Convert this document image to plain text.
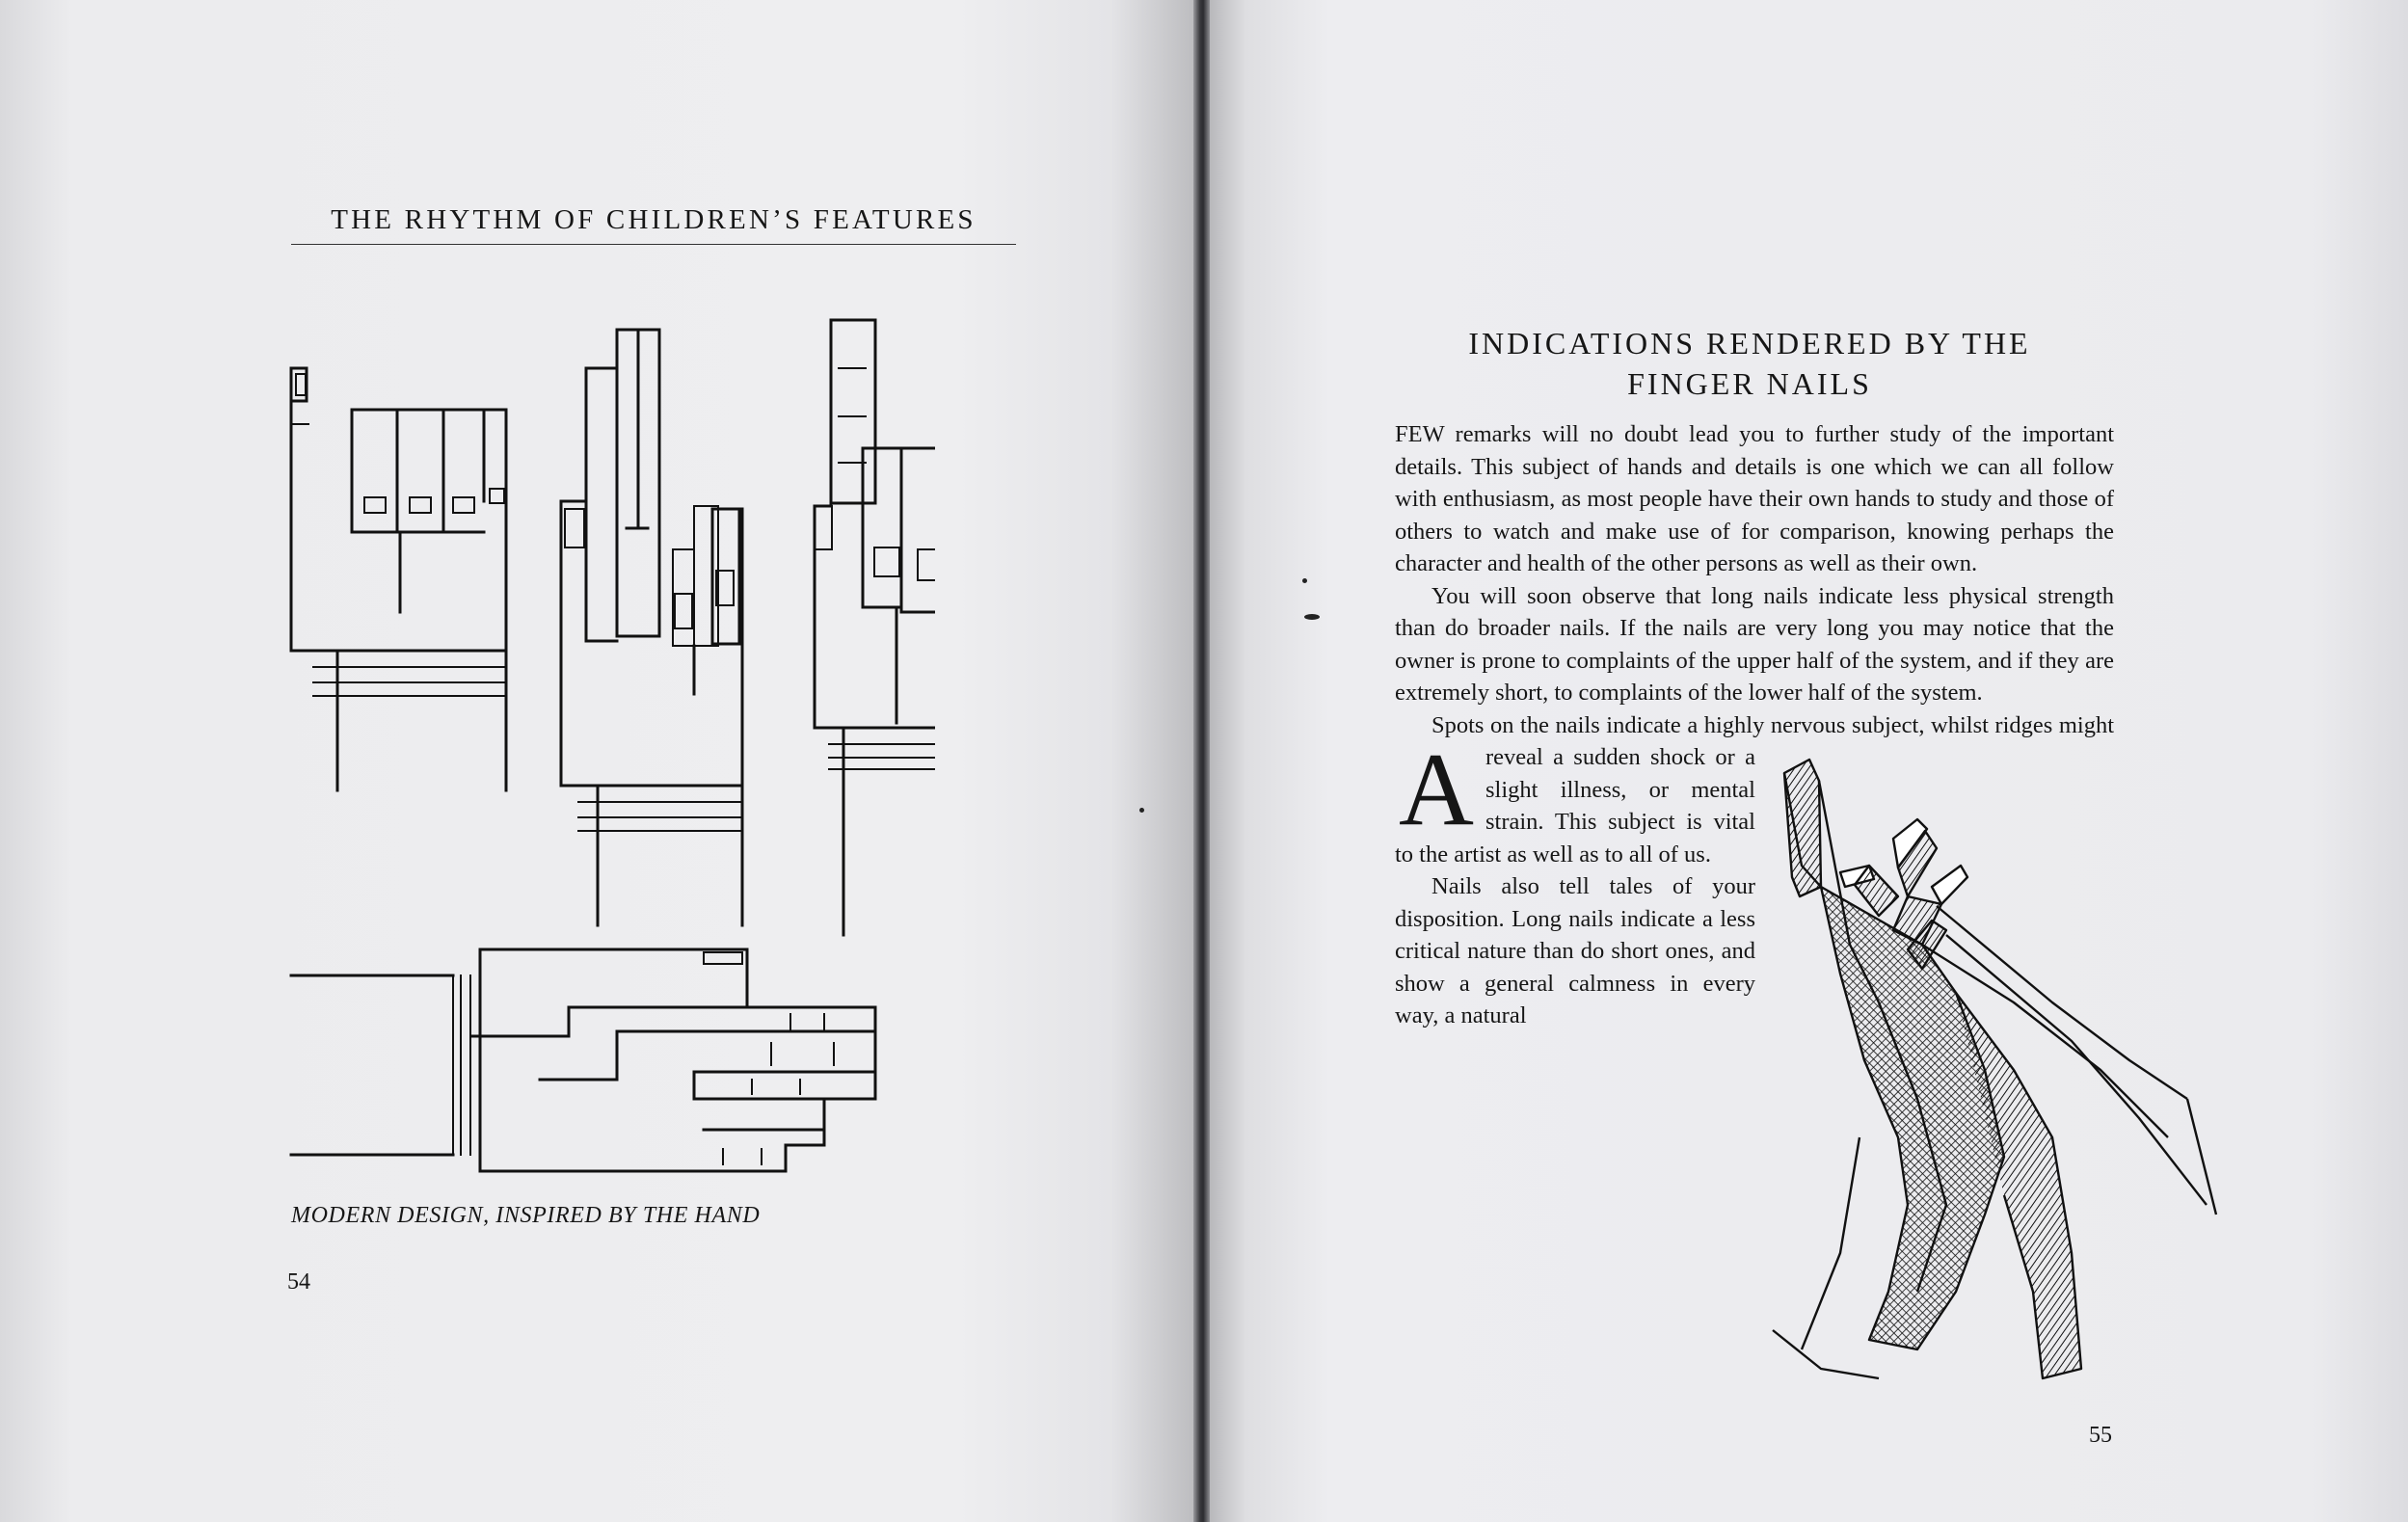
THE RHYTHM OF CHILDREN’S FEATURES
MODERN DESIGN, INSPIRED BY THE HAND
54
INDICATIONS RENDERED BY THE
FINGER NAILS

A
FEW remarks will no doubt lead you to further study of the important details. This subject of hands and details is one which we can all follow with enthusiasm, as most people have their own hands to study and those of others to watch and make use of for comparison, knowing perhaps the character and health of the other persons as well as their own.

You will soon observe that long nails indicate less physical strength than do broader nails. If the nails are very long you may notice that the owner is prone to complaints of the upper half of the system, and if they are extremely short, to complaints of the lower half of the system.

Spots on the nails indicate a highly nervous subject, whilst ridges might reveal a sudden shock or a slight illness, or mental strain. This subject is vital to the artist as well as to all of us.

Nails also tell tales of your disposition. Long nails indicate a less critical nature than do short ones, and show a general calmness in every way, a natural

55
